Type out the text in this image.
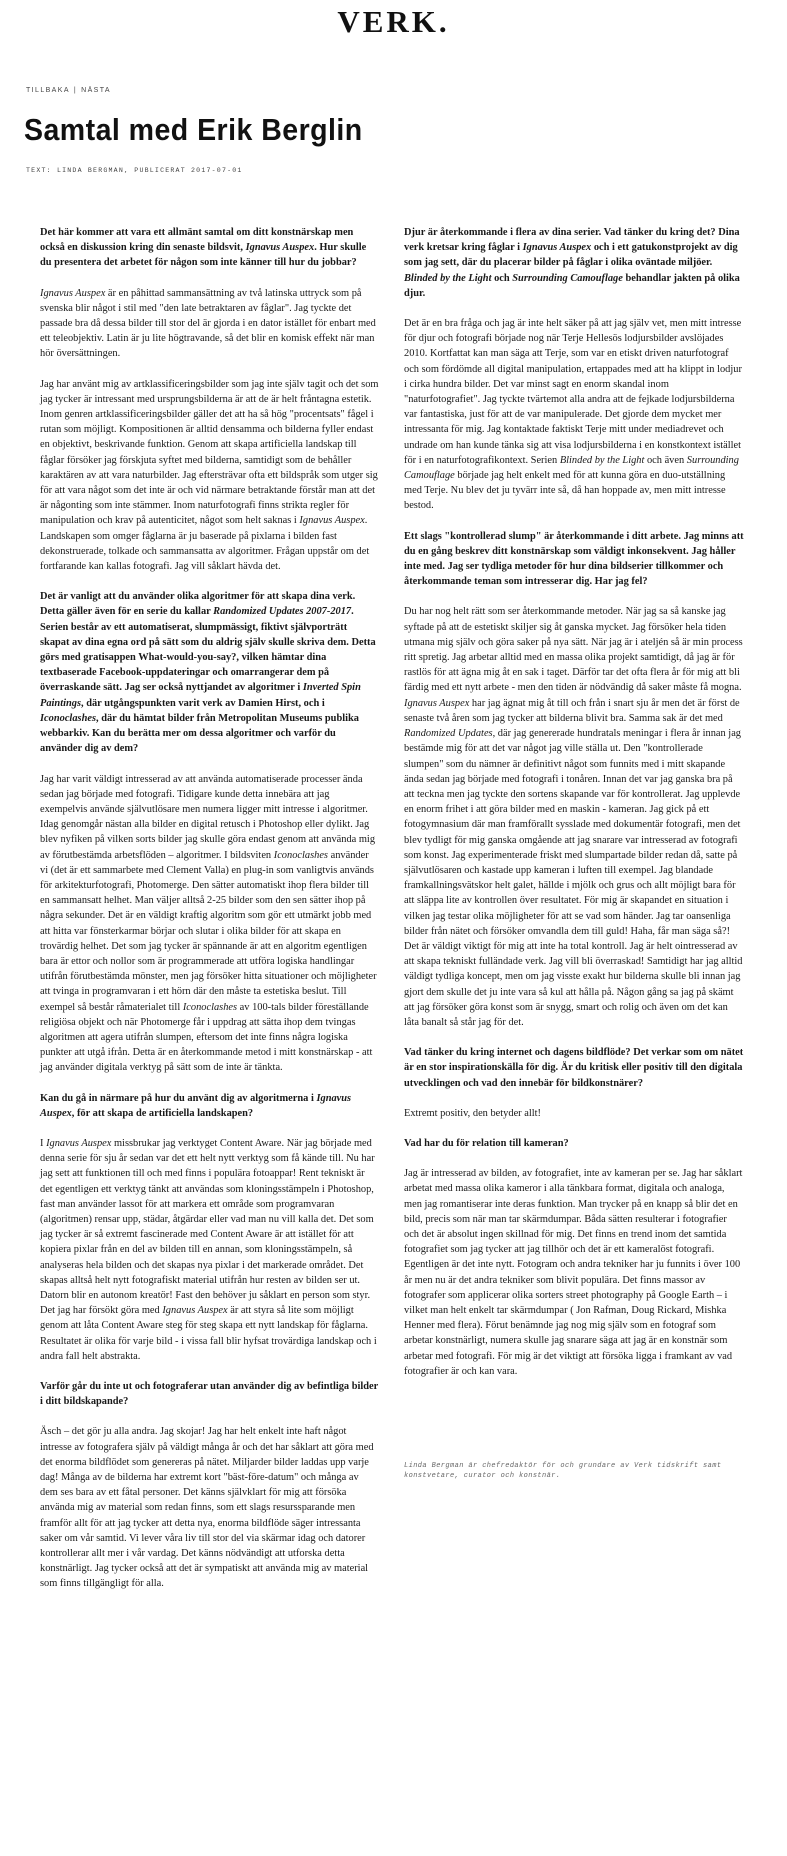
VERK.
TILLBAKA | NÄSTA
Samtal med Erik Berglin
TEXT: LINDA BERGMAN, PUBLICERAT 2017-07-01

Det här kommer att vara ett allmänt samtal om ditt konstnärskap men också en diskussion kring din senaste bildsvit, Ignavus Auspex. Hur skulle du presentera det arbetet för någon som inte känner till hur du jobbar?

Ignavus Auspex är en påhittad sammansättning av två latinska uttryck som på svenska blir något i stil med "den late betraktaren av fåglar". Jag tyckte det passade bra då dessa bilder till stor del är gjorda i en dator istället för enbart med ett teleobjektiv. Latin är ju lite högtravande, så det blir en komisk effekt när man hör översättningen.

Jag har använt mig av artklassificeringsbilder som jag inte själv tagit och det som jag tycker är intressant med ursprungsbilderna är att de är helt fråntagna estetik. Inom genren artklassificeringsbilder gäller det att ha så hög "procentsats" fågel i rutan som möjligt. Kompositionen är alltid densamma och bilderna fyller endast en objektivt, beskrivande funktion. Genom att skapa artificiella landskap till fåglar försöker jag förskjuta syftet med bilderna, samtidigt som de behåller karaktären av att vara naturbilder. Jag eftersträvar ofta ett bildspråk som utger sig för att vara något som det inte är och vid närmare betraktande förstår man att det är någonting som inte stämmer. Inom naturfotografi finns strikta regler för manipulation och krav på autenticitet, något som helt saknas i Ignavus Auspex. Landskapen som omger fåglarna är ju baserade på pixlarna i bilden fast dekonstruerade, tolkade och sammansatta av algoritmer. Frågan uppstår om det fortfarande kan kallas fotografi. Jag vill såklart hävda det.

Det är vanligt att du använder olika algoritmer för att skapa dina verk. Detta gäller även för en serie du kallar Randomized Updates 2007-2017. Serien består av ett automatiserat, slumpmässigt, fiktivt självporträtt skapat av dina egna ord på sätt som du aldrig själv skulle skriva dem. Detta görs med gratisappen What-would-you-say?, vilken hämtar dina textbaserade Facebook-uppdateringar och omarrangerar dem på överraskande sätt. Jag ser också nyttjandet av algoritmer i Inverted Spin Paintings, där utgångspunkten varit verk av Damien Hirst, och i Iconoclashes, där du hämtat bilder från Metropolitan Museums publika webbarkiv. Kan du berätta mer om dessa algoritmer och varför du använder dig av dem?

Jag har varit väldigt intresserad av att använda automatiserade processer ända sedan jag började med fotografi. Tidigare kunde detta innebära att jag exempelvis använde självutlösare men numera ligger mitt intresse i algoritmer. Idag genomgår nästan alla bilder en digital retusch i Photoshop eller dylikt. Jag blev nyfiken på vilken sorts bilder jag skulle göra endast genom att använda mig av förutbestämda arbetsflöden – algoritmer. I bildsviten Iconoclashes använder vi (det är ett sammarbete med Clement Valla) en plug-in som vanligtvis används för arkitekturfotografi, Photomerge. Den sätter automatiskt ihop flera bilder till en sammansatt helhet. Man väljer alltså 2-25 bilder som den sen sätter ihop på några sekunder. Det är en väldigt kraftig algoritm som gör ett utmärkt jobb med att hitta var fönsterkarmar börjar och slutar i olika bilder för att skapa en trovärdig helhet. Det som jag tycker är spännande är att en algoritm egentligen bara är ettor och nollor som är programmerade att utföra logiska handlingar utifrån förutbestämda mönster, men jag försöker hitta situationer och möjligheter att tvinga in programvaran i ett hörn där den måste ta estetiska beslut. Till exempel så består råmaterialet till Iconoclashes av 100-tals bilder föreställande religiösa objekt och när Photomerge får i uppdrag att sätta ihop dem tvingas algoritmen att agera utifrån slumpen, eftersom det inte finns några logiska punkter att utgå ifrån. Detta är en återkommande metod i mitt konstnärskap - att jag använder digitala verktyg på sätt som de inte är tänkta.

Kan du gå in närmare på hur du använt dig av algoritmerna i Ignavus Auspex, för att skapa de artificiella landskapen?

I Ignavus Auspex missbrukar jag verktyget Content Aware. När jag började med denna serie för sju år sedan var det ett helt nytt verktyg som få kände till. Nu har jag sett att funktionen till och med finns i populära fotoappar! Rent tekniskt är det egentligen ett verktyg tänkt att användas som kloningsstämpeln i Photoshop, fast man använder lassot för att markera ett område som programvaran (algoritmen) rensar upp, städar, åtgärdar eller vad man nu vill kalla det. Det som jag tycker är så extremt fascinerade med Content Aware är att istället för att kopiera pixlar från en del av bilden till en annan, som kloningsstämpeln, så analyseras hela bilden och det skapas nya pixlar i det markerade området. Det skapas alltså helt nytt fotografiskt material utifrån hur resten av bilden ser ut. Datorn blir en autonom kreatör! Fast den behöver ju såklart en person som styr. Det jag har försökt göra med Ignavus Auspex är att styra så lite som möjligt genom att låta Content Aware steg för steg skapa ett nytt landskap för fåglarna. Resultatet är olika för varje bild - i vissa fall blir hyfsat trovärdiga landskap och i andra fall helt abstrakta.

Varför går du inte ut och fotograferar utan använder dig av befintliga bilder i ditt bildskapande?

Äsch – det gör ju alla andra. Jag skojar! Jag har helt enkelt inte haft något intresse av fotografera själv på väldigt många år och det har såklart att göra med det enorma bildflödet som genereras på nätet. Miljarder bilder laddas upp varje dag! Många av de bilderna har extremt kort "bäst-före-datum" och många av dem ses bara av ett fåtal personer. Det känns självklart för mig att försöka använda mig av material som redan finns, som ett slags resurssparande men framför allt för att jag tycker att detta nya, enorma bildflöde säger intressanta saker om vår samtid. Vi lever våra liv till stor del via skärmar idag och datorer kontrollerar allt mer i vår vardag. Det känns nödvändigt att utforska detta konstnärligt. Jag tycker också att det är sympatiskt att använda mig av material som finns tillgängligt för alla.

Djur är återkommande i flera av dina serier. Vad tänker du kring det? Dina verk kretsar kring fåglar i Ignavus Auspex och i ett gatukonstprojekt av dig som jag sett, där du placerar bilder på fåglar i olika oväntade miljöer. Blinded by the Light och Surrounding Camouflage behandlar jakten på olika djur.

Det är en bra fråga och jag är inte helt säker på att jag själv vet, men mitt intresse för djur och fotografi började nog när Terje Hellesös lodjursbilder avslöjades 2010. Kortfattat kan man säga att Terje, som var en etiskt driven naturfotograf och som fördömde all digital manipulation, ertappades med att ha klippt in lodjur i cirka hundra bilder. Det var minst sagt en enorm skandal inom "naturfotografiet". Jag tyckte tvärtemot alla andra att de fejkade lodjursbilderna var fantastiska, just för att de var manipulerade. Det gjorde dem mycket mer intressanta för mig. Jag kontaktade faktiskt Terje mitt under mediadrevet och undrade om han kunde tänka sig att visa lodjursbilderna i en konstkontext istället för i en naturfotografikontext. Serien Blinded by the Light och även Surrounding Camouflage började jag helt enkelt med för att kunna göra en duo-utställning med Terje. Nu blev det ju tyvärr inte så, då han hoppade av, men mitt intresse bestod.

Ett slags "kontrollerad slump" är återkommande i ditt arbete. Jag minns att du en gång beskrev ditt konstnärskap som väldigt inkonsekvent. Jag håller inte med. Jag ser tydliga metoder för hur dina bildserier tillkommer och återkommande teman som intresserar dig. Har jag fel?

Du har nog helt rätt som ser återkommande metoder. När jag sa så kanske jag syftade på att de estetiskt skiljer sig åt ganska mycket. Jag försöker hela tiden utmana mig själv och göra saker på nya sätt. När jag är i ateljén så är min process ritt spretig. Jag arbetar alltid med en massa olika projekt samtidigt, då jag är för rastlös för att ägna mig åt en sak i taget. Därför tar det ofta flera år för mig att bli färdig med ett nytt arbete - men den tiden är nödvändig då saker måste få mogna. Ignavus Auspex har jag ägnat mig åt till och från i snart sju år men det är först de senaste två åren som jag tycker att bilderna blivit bra. Samma sak är det med Randomized Updates, där jag genererade hundratals meningar i flera år innan jag bestämde mig för att det var något jag ville ställa ut. Den "kontrollerade slumpen" som du nämner är definitivt något som funnits med i mitt skapande ända sedan jag började med fotografi i tonåren. Innan det var jag ganska bra på att teckna men jag tyckte den sortens skapande var för kontrollerat. Jag upplevde en enorm frihet i att göra bilder med en maskin - kameran. Jag gick på ett fotogymnasium där man framförallt sysslade med dokumentär fotografi, men det blev tydligt för mig ganska omgående att jag snarare var intresserad av fotografi som konst. Jag experimenterade friskt med slumpartade bilder redan då, satte på självutlösaren och kastade upp kameran i luften till exempel. Jag blandade framkallningsvätskor helt galet, hällde i mjölk och grus och allt möjligt bara för att släppa lite av kontrollen över resultatet. För mig är skapandet en situation i vilken jag testar olika möjligheter för att se vad som händer. Jag tar oansenliga bilder från nätet och försöker omvandla dem till guld! Haha, får man säga så?! Det är väldigt viktigt för mig att inte ha total kontroll. Jag är helt ointresserad av att skapa tekniskt fulländade verk. Jag vill bli överraskad! Samtidigt har jag alltid väldigt tydliga koncept, men om jag visste exakt hur bilderna skulle bli innan jag gjort dem skulle det ju inte vara så kul att hålla på. Någon gång sa jag på skämt att jag försöker göra konst som är snygg, smart och rolig och även om det kan låta banalt så står jag för det.

Vad tänker du kring internet och dagens bildflöde? Det verkar som om nätet är en stor inspirationskälla för dig. Är du kritisk eller positiv till den digitala utvecklingen och vad den innebär för bildkonstnärer?

Extremt positiv, den betyder allt!

Vad har du för relation till kameran?

Jag är intresserad av bilden, av fotografiet, inte av kameran per se. Jag har såklart arbetat med massa olika kameror i alla tänkbara format, digitala och analoga, men jag romantiserar inte deras funktion. Man trycker på en knapp så blir det en bild, precis som när man tar skärmdumpar. Båda sätten resulterar i fotografier och det är absolut ingen skillnad för mig. Det finns en trend inom det samtida fotografiet som jag tycker att jag tillhör och det är ett kameralöst fotografi. Egentligen är det inte nytt. Fotogram och andra tekniker har ju funnits i över 100 år men nu är det andra tekniker som blivit populära. Det finns massor av fotografer som applicerar olika sorters street photography på Google Earth – i vilket man helt enkelt tar skärmdumpar ( Jon Rafman, Doug Rickard, Mishka Henner med flera). Förut benämnde jag nog mig själv som en fotograf som arbetar konstnärligt, numera skulle jag snarare säga att jag är en konstnär som arbetar med fotografi. För mig är det viktigt att försöka ligga i framkant av vad fotografier är och kan vara.

Linda Bergman är chefredaktör för och grundare av Verk tidskrift samt konstvetare, curator och konstnär.
